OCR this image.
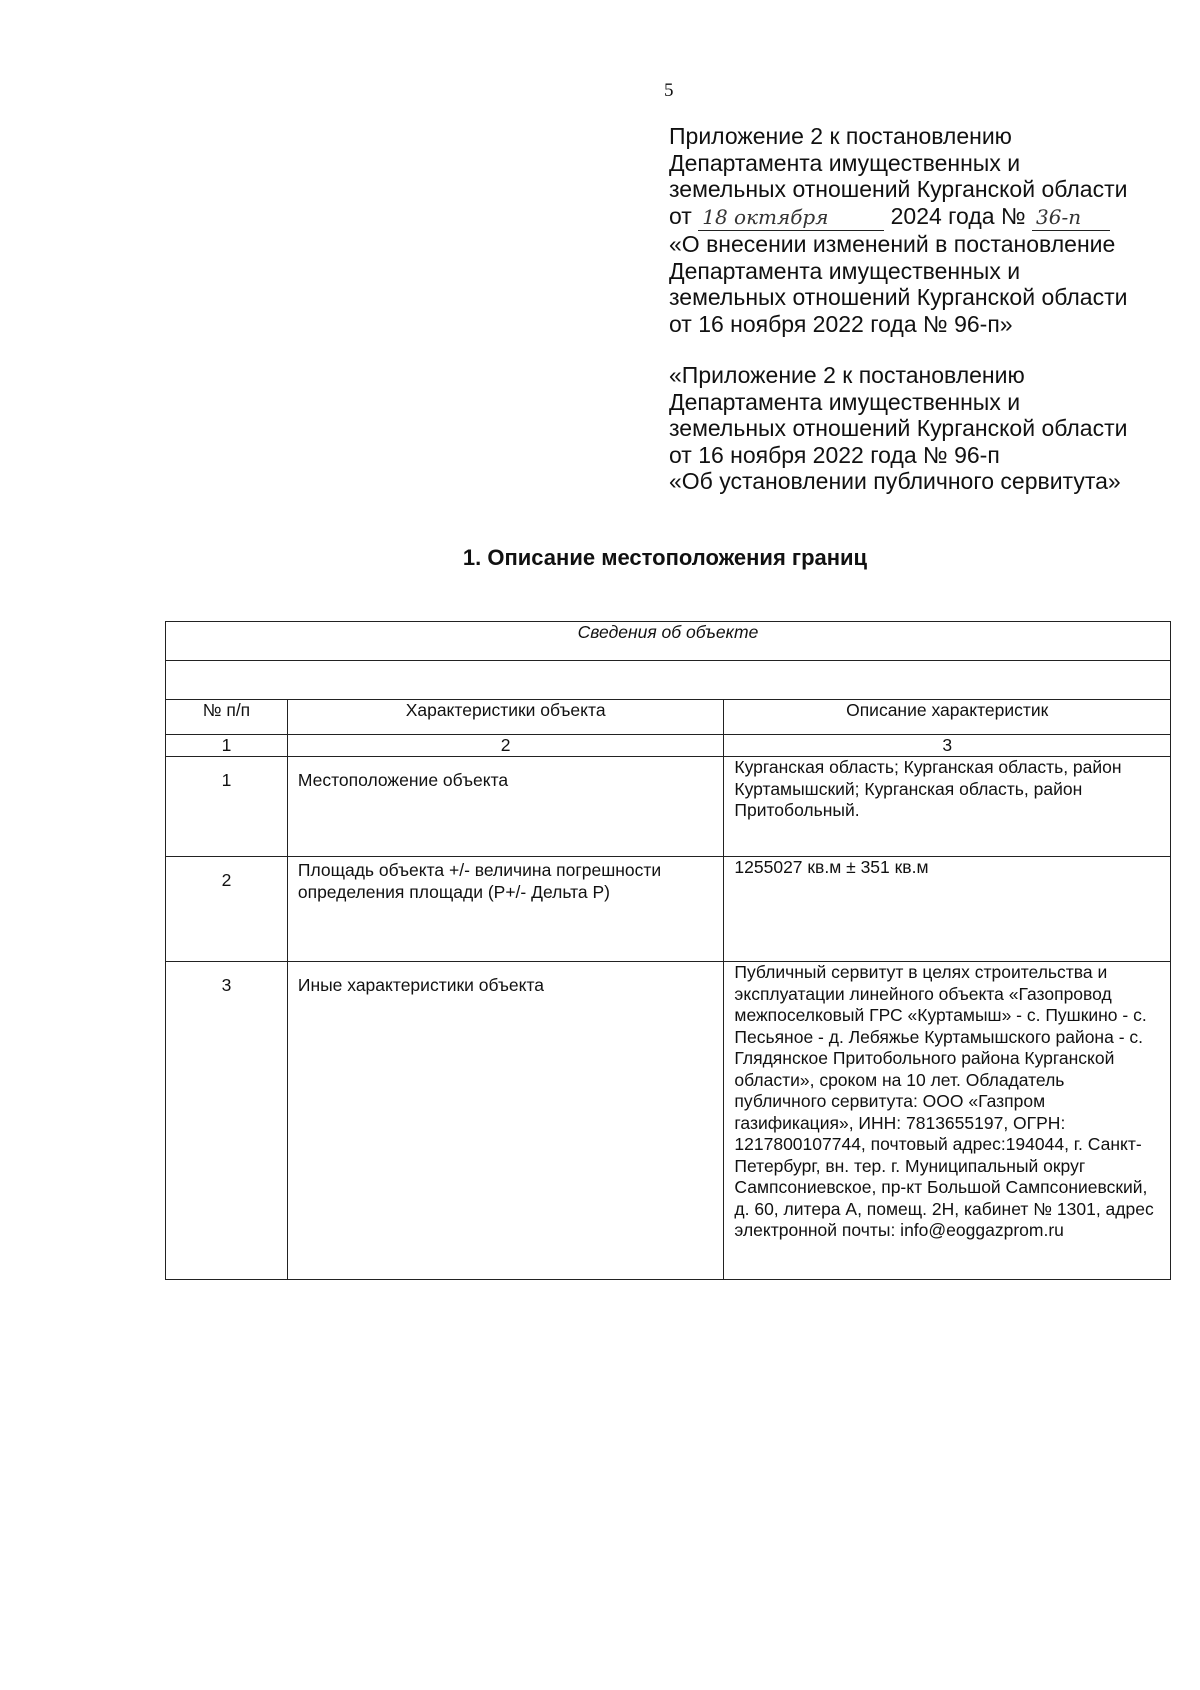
5
Приложение 2 к постановлению
Департамента имущественных и
земельных отношений Курганской области
от 18 октября	2024 года № 36-п
«О внесении изменений в постановление
Департамента имущественных и
земельных отношений Курганской области
от 16 ноября 2022 года № 96-п»
«Приложение 2 к постановлению
Департамента имущественных и
земельных отношений Курганской области
от 16 ноября 2022 года № 96-п
«Об установлении публичного сервитута»
1. Описание местоположения границ
Сведения об объекте		

№ п/п	Характеристики объекта	Описание характеристик
1	2	3
1	Местоположение объекта	Курганская область; Курганская область, район Куртамышский; Курганская область, район Притобольный.
2	Площадь объекта +/- величина погрешности определения площади (Р+/- Дельта Р)	1255027 кв.м ± 351 кв.м
3	Иные характеристики объекта	Публичный сервитут в целях строительства и эксплуатации линейного объекта «Газопровод межпоселковый ГРС «Куртамыш» - с. Пушкино - с. Песьяное - д. Лебяжье Куртамышского района - с. Глядянское Притобольного района Курганской области», сроком на 10 лет. Обладатель публичного сервитута: ООО «Газпром газификация», ИНН: 7813655197, ОГРН: 1217800107744, почтовый адрес:194044, г. Санкт-Петербург, вн. тер. г. Муниципальный округ Сампсониевское, пр-кт Большой Сампсониевский, д. 60, литера А, помещ. 2Н, кабинет № 1301, адрес электронной почты: info@eoggazprom.ru
